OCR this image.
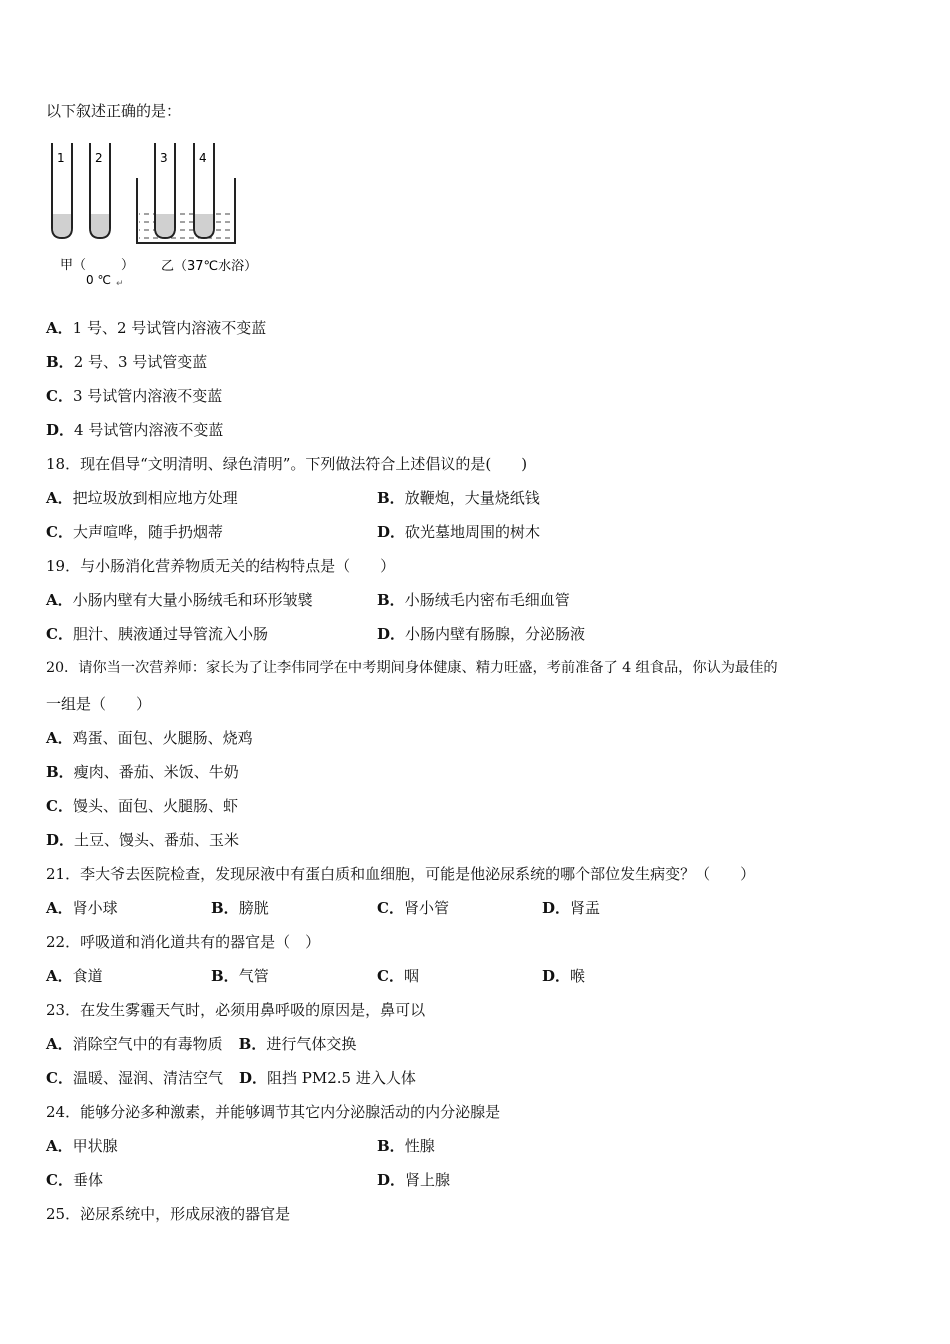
以下叙述正确的是：
1	2	3	4
甲（	）
0 ℃ ↵
乙（37℃水浴）
A．1 号、2 号试管内溶液不变蓝
B．2 号、3 号试管变蓝
C．3 号试管内溶液不变蓝
D．4 号试管内溶液不变蓝
18．现在倡导“文明清明、绿色清明”。下列做法符合上述倡议的是(　　)
A．把垃圾放到相应地方处理	B．放鞭炮，大量烧纸钱
C．大声喧哗，随手扔烟蒂	D．砍光墓地周围的树木
19．与小肠消化营养物质无关的结构特点是（　　）
A．小肠内壁有大量小肠绒毛和环形皱襞	B．小肠绒毛内密布毛细血管
C．胆汁、胰液通过导管流入小肠	D．小肠内壁有肠腺，分泌肠液
20．请你当一次营养师：家长为了让李伟同学在中考期间身体健康、精力旺盛，考前准备了 4 组食品，你认为最佳的
一组是（　　）
A．鸡蛋、面包、火腿肠、烧鸡
B．瘦肉、番茄、米饭、牛奶
C．馒头、面包、火腿肠、虾
D．土豆、馒头、番茄、玉米
21．李大爷去医院检查，发现尿液中有蛋白质和血细胞，可能是他泌尿系统的哪个部位发生病变？（　　）
A．肾小球	B．膀胱	C．肾小管	D．肾盂
22．呼吸道和消化道共有的器官是（　）
A．食道	B．气管	C．咽	D．喉
23．在发生雾霾天气时，必须用鼻呼吸的原因是，鼻可以
A．消除空气中的有毒物质 B．进行气体交换
C．温暖、湿润、清洁空气 D．阻挡 PM2.5 进入人体
24．能够分泌多种激素，并能够调节其它内分泌腺活动的内分泌腺是
A．甲状腺	B．性腺
C．垂体	D．肾上腺
25．泌尿系统中，形成尿液的器官是
